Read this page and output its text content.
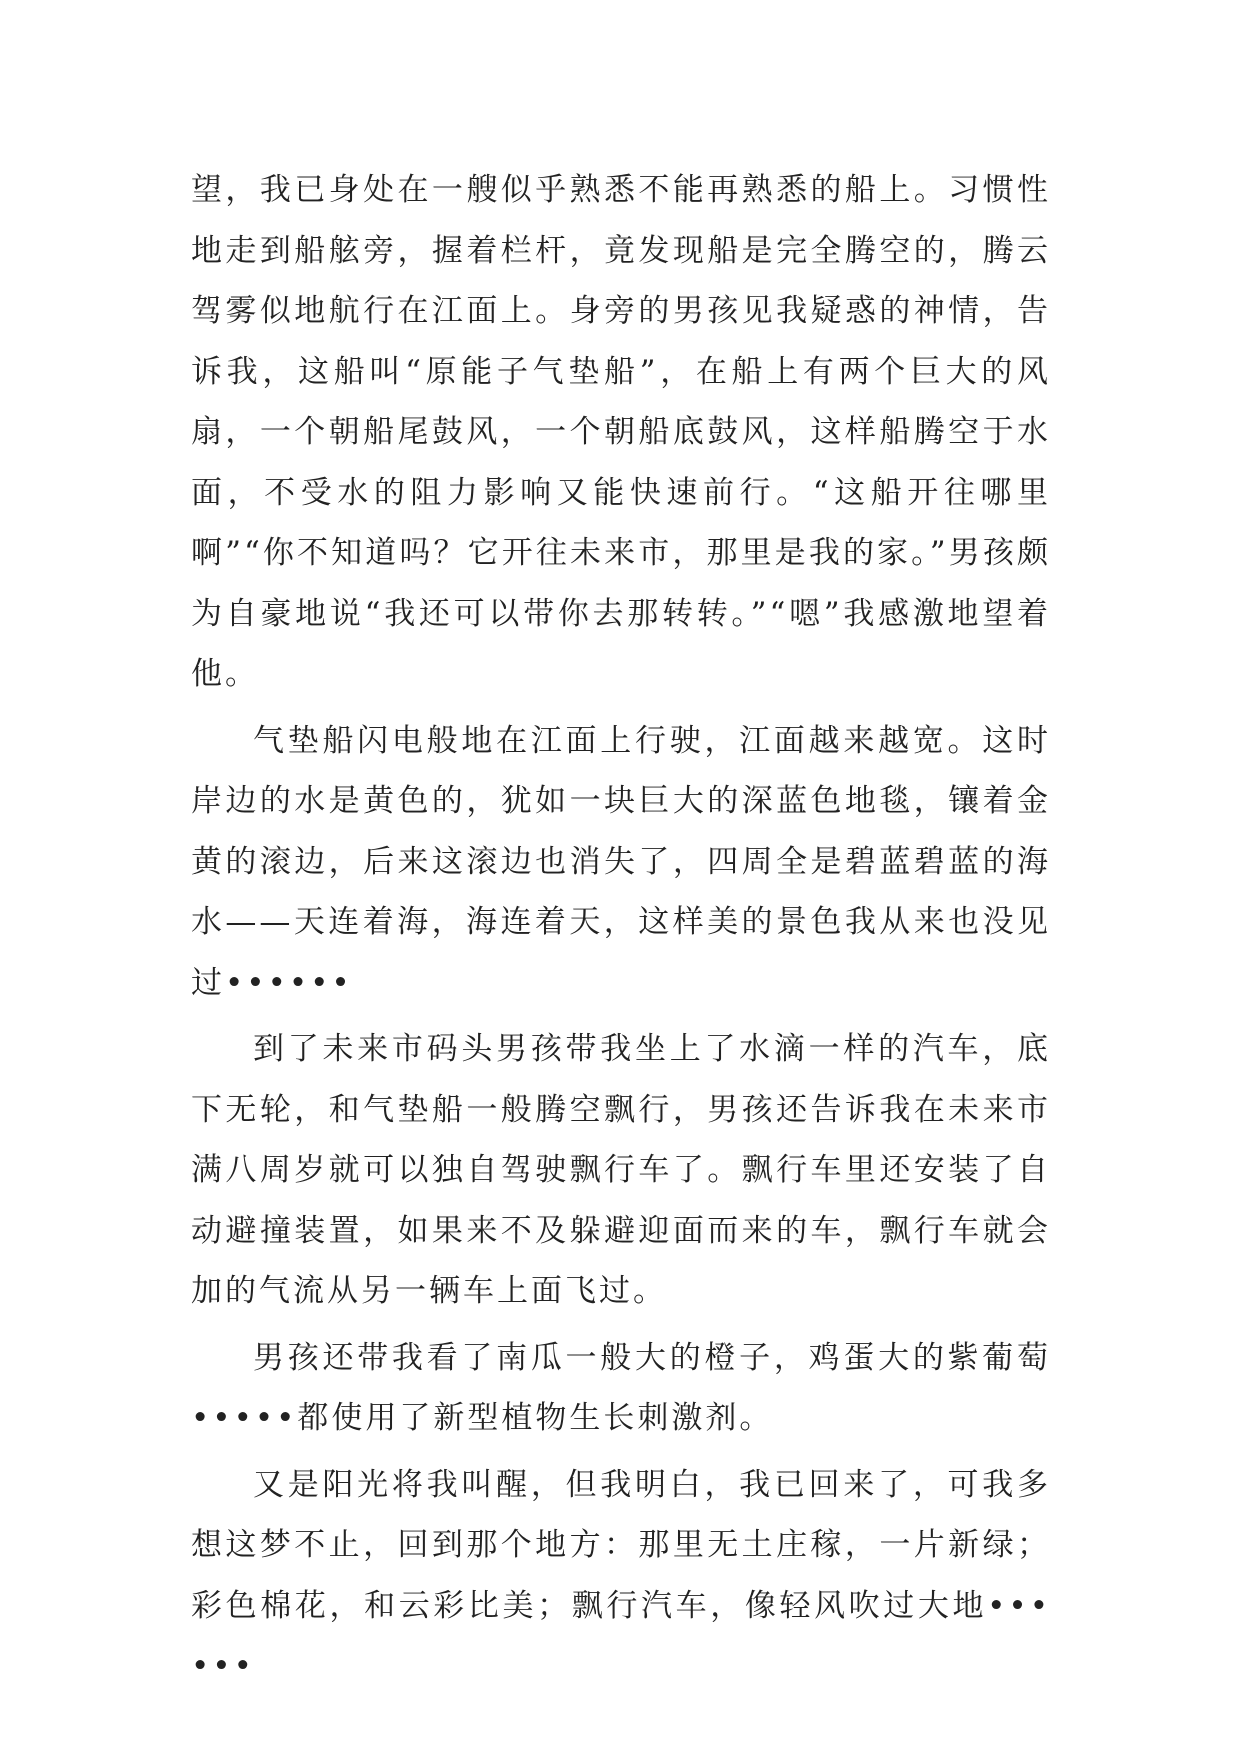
望，我已身处在一艘似乎熟悉不能再熟悉的船上。习惯性地走到船舷旁，握着栏杆，竟发现船是完全腾空的，腾云驾雾似地航行在江面上。身旁的男孩见我疑惑的神情，告诉我，这船叫“原能子气垫船”，在船上有两个巨大的风扇，一个朝船尾鼓风，一个朝船底鼓风，这样船腾空于水面，不受水的阻力影响又能快速前行。“这船开往哪里啊”“你不知道吗？它开往未来市，那里是我的家。”男孩颇为自豪地说“我还可以带你去那转转。”“嗯”我感激地望着他。

气垫船闪电般地在江面上行驶，江面越来越宽。这时岸边的水是黄色的，犹如一块巨大的深蓝色地毯，镶着金黄的滚边，后来这滚边也消失了，四周全是碧蓝碧蓝的海水——天连着海，海连着天，这样美的景色我从来也没见过••••••

到了未来市码头男孩带我坐上了水滴一样的汽车，底下无轮，和气垫船一般腾空飘行，男孩还告诉我在未来市满八周岁就可以独自驾驶飘行车了。飘行车里还安装了自动避撞装置，如果来不及躲避迎面而来的车，飘行车就会加的气流从另一辆车上面飞过。

男孩还带我看了南瓜一般大的橙子，鸡蛋大的紫葡萄•••••都使用了新型植物生长刺激剂。

又是阳光将我叫醒，但我明白，我已回来了，可我多想这梦不止，回到那个地方：那里无土庄稼，一片新绿；彩色棉花，和云彩比美；飘行汽车，像轻风吹过大地••••••
